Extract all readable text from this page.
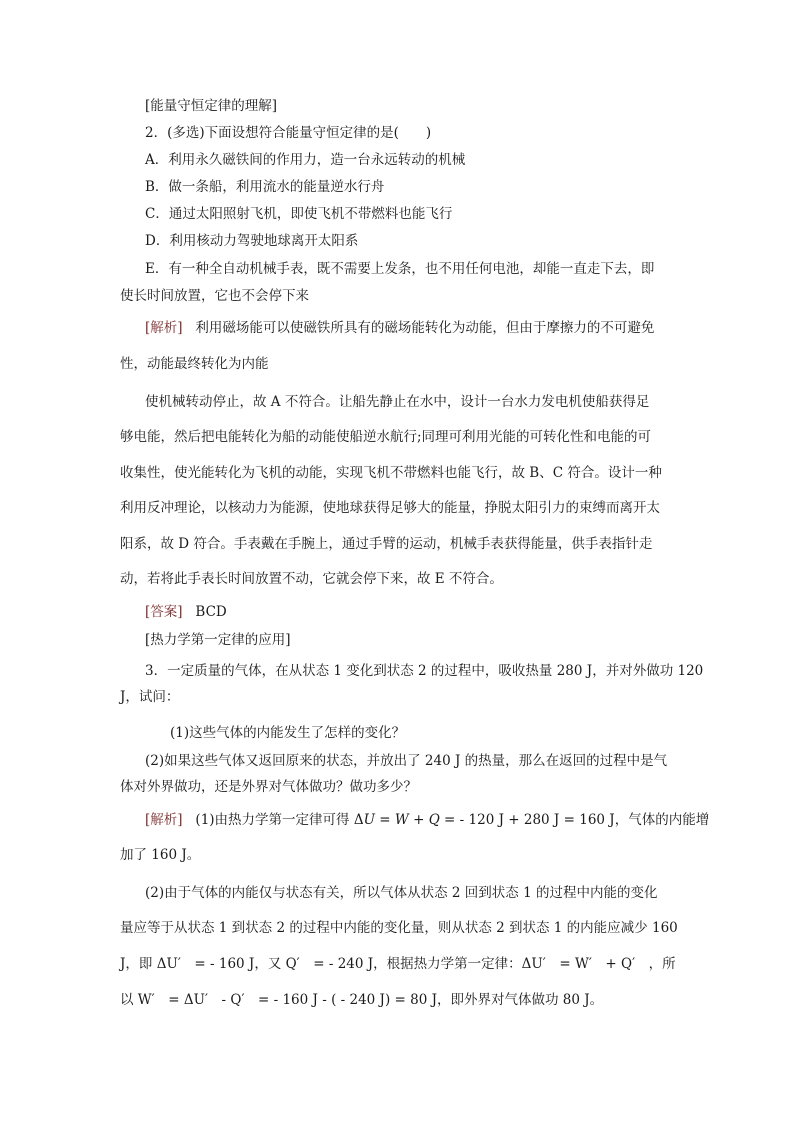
[能量守恒定律的理解]
2．(多选)下面设想符合能量守恒定律的是(　　)
A．利用永久磁铁间的作用力，造一台永远转动的机械
B．做一条船，利用流水的能量逆水行舟
C．通过太阳照射飞机，即使飞机不带燃料也能飞行
D．利用核动力驾驶地球离开太阳系
E．有一种全自动机械手表，既不需要上发条，也不用任何电池，却能一直走下去，即
使长时间放置，它也不会停下来
[解析] 利用磁场能可以使磁铁所具有的磁场能转化为动能，但由于摩擦力的不可避免
性，动能最终转化为内能
使机械转动停止，故 A 不符合。让船先静止在水中，设计一台水力发电机使船获得足
够电能，然后把电能转化为船的动能使船逆水航行;同理可利用光能的可转化性和电能的可
收集性，使光能转化为飞机的动能，实现飞机不带燃料也能飞行，故 B、C 符合。设计一种
利用反冲理论，以核动力为能源，使地球获得足够大的能量，挣脱太阳引力的束缚而离开太
阳系，故 D 符合。手表戴在手腕上，通过手臂的运动，机械手表获得能量，供手表指针走
动，若将此手表长时间放置不动，它就会停下来，故 E 不符合。
[答案] BCD
[热力学第一定律的应用]
3．一定质量的气体，在从状态 1 变化到状态 2 的过程中，吸收热量 280 J，并对外做功 120
J，试问：
(1)这些气体的内能发生了怎样的变化？
(2)如果这些气体又返回原来的状态，并放出了 240 J 的热量，那么在返回的过程中是气
体对外界做功，还是外界对气体做功？做功多少？
[解析] (1)由热力学第一定律可得 ΔU = W + Q = - 120 J + 280 J = 160 J，气体的内能增
加了 160 J。
(2)由于气体的内能仅与状态有关，所以气体从状态 2 回到状态 1 的过程中内能的变化
量应等于从状态 1 到状态 2 的过程中内能的变化量，则从状态 2 到状态 1 的内能应减少 160
J，即 ΔU′　= - 160 J，又 Q′　= - 240 J，根据热力学第一定律：ΔU′　= W′　+ Q′　，所
以 W′　= ΔU′　- Q′　= - 160 J - ( - 240 J) = 80 J，即外界对气体做功 80 J。
